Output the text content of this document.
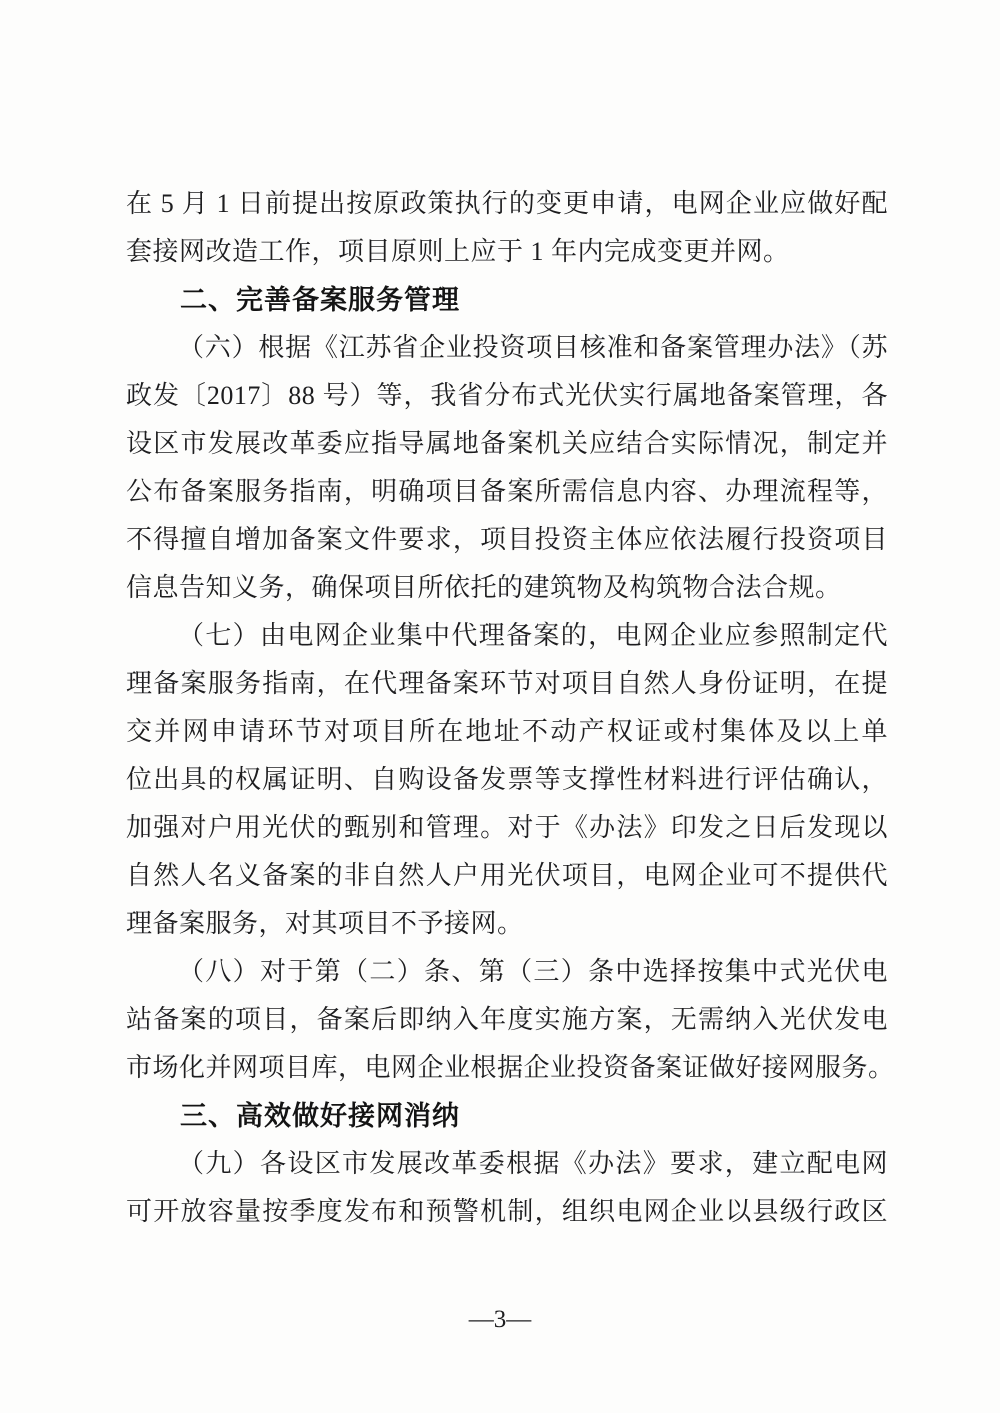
在 5 月 1 日前提出按原政策执行的变更申请，电网企业应做好配
套接网改造工作，项目原则上应于 1 年内完成变更并网。
二、完善备案服务管理
（六）根据《江苏省企业投资项目核准和备案管理办法》（苏
政发〔2017〕88 号）等，我省分布式光伏实行属地备案管理，各
设区市发展改革委应指导属地备案机关应结合实际情况，制定并
公布备案服务指南，明确项目备案所需信息内容、办理流程等，
不得擅自增加备案文件要求，项目投资主体应依法履行投资项目
信息告知义务，确保项目所依托的建筑物及构筑物合法合规。
（七）由电网企业集中代理备案的，电网企业应参照制定代
理备案服务指南，在代理备案环节对项目自然人身份证明，在提
交并网申请环节对项目所在地址不动产权证或村集体及以上单
位出具的权属证明、自购设备发票等支撑性材料进行评估确认，
加强对户用光伏的甄别和管理。对于《办法》印发之日后发现以
自然人名义备案的非自然人户用光伏项目，电网企业可不提供代
理备案服务，对其项目不予接网。
（八）对于第（二）条、第（三）条中选择按集中式光伏电
站备案的项目，备案后即纳入年度实施方案，无需纳入光伏发电
市场化并网项目库，电网企业根据企业投资备案证做好接网服务。
三、高效做好接网消纳
（九）各设区市发展改革委根据《办法》要求，建立配电网
可开放容量按季度发布和预警机制，组织电网企业以县级行政区
—3—
